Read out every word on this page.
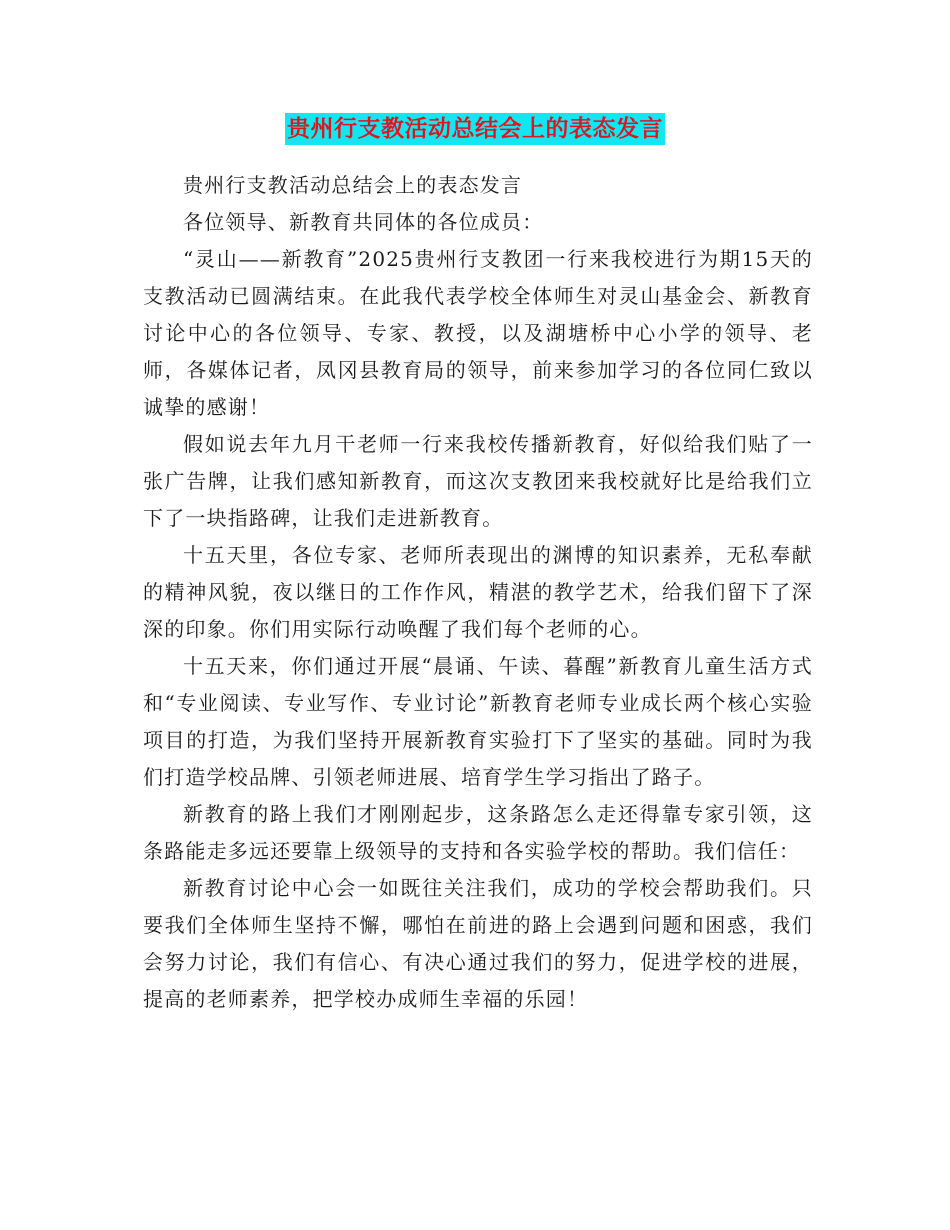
贵州行支教活动总结会上的表态发言

贵州行支教活动总结会上的表态发言

各位领导、新教育共同体的各位成员：

“灵山——新教育”2025贵州行支教团一行来我校进行为期15天的支教活动已圆满结束。在此我代表学校全体师生对灵山基金会、新教育讨论中心的各位领导、专家、教授，以及湖塘桥中心小学的领导、老师，各媒体记者，凤冈县教育局的领导，前来参加学习的各位同仁致以诚挚的感谢！

假如说去年九月干老师一行来我校传播新教育，好似给我们贴了一张广告牌，让我们感知新教育，而这次支教团来我校就好比是给我们立下了一块指路碑，让我们走进新教育。

十五天里，各位专家、老师所表现出的渊博的知识素养，无私奉献的精神风貌，夜以继日的工作作风，精湛的教学艺术，给我们留下了深深的印象。你们用实际行动唤醒了我们每个老师的心。

十五天来，你们通过开展“晨诵、午读、暮醒”新教育儿童生活方式和“专业阅读、专业写作、专业讨论”新教育老师专业成长两个核心实验项目的打造，为我们坚持开展新教育实验打下了坚实的基础。同时为我们打造学校品牌、引领老师进展、培育学生学习指出了路子。

新教育的路上我们才刚刚起步，这条路怎么走还得靠专家引领，这条路能走多远还要靠上级领导的支持和各实验学校的帮助。我们信任：

新教育讨论中心会一如既往关注我们，成功的学校会帮助我们。只要我们全体师生坚持不懈，哪怕在前进的路上会遇到问题和困惑，我们会努力讨论，我们有信心、有决心通过我们的努力，促进学校的进展，提高的老师素养，把学校办成师生幸福的乐园！
